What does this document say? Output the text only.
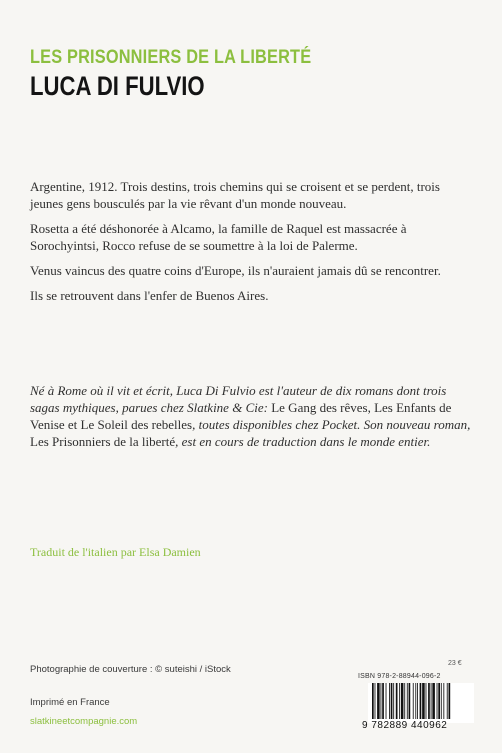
LES PRISONNIERS DE LA LIBERTÉ
LUCA DI FULVIO

Argentine, 1912. Trois destins, trois chemins qui se croisent et se perdent, trois jeunes gens bousculés par la vie rêvant d'un monde nouveau.

Rosetta a été déshonorée à Alcamo, la famille de Raquel est massacrée à Sorochyintsi, Rocco refuse de se soumettre à la loi de Palerme.

Venus vaincus des quatre coins d'Europe, ils n'auraient jamais dû se rencontrer.

Ils se retrouvent dans l'enfer de Buenos Aires.

Né à Rome où il vit et écrit, Luca Di Fulvio est l'auteur de dix romans dont trois sagas mythiques, parues chez Slatkine & Cie: Le Gang des rêves, Les Enfants de Venise et Le Soleil des rebelles, toutes disponibles chez Pocket. Son nouveau roman, Les Prisonniers de la liberté, est en cours de traduction dans le monde entier.

Traduit de l'italien par Elsa Damien
Photographie de couverture : © suteishi / iStock
Imprimé en France
slatkineetcompagnie.com
23 €
ISBN 978-2-88944-096-2
9 782889 440962
